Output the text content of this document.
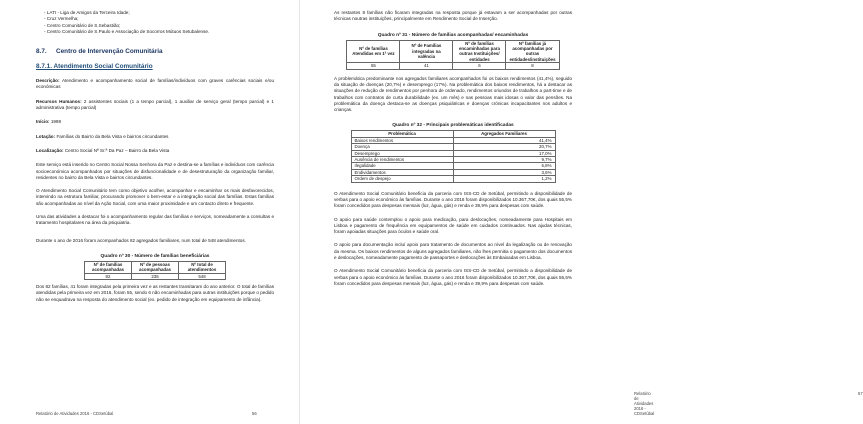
- LATI - Liga de Amigos da Terceira Idade;
- Cruz Vermelha;
- Centro Comunitário de S.Sebastião;
- Centro Comunitário de S.Paulo e Associação de Socorros Mútuos Setubalense.
8.7. Centro de Intervenção Comunitária
8.7.1. Atendimento Social Comunitário

Descrição: Atendimento e acompanhamento social de famílias/indivíduos com graves carências sociais e/ou económicas

Recursos Humanos: 2 assistentes sociais (1 a tempo parcial), 1 auxiliar de serviço geral (tempo parcial) e 1 administrativa (tempo parcial)

Início: 1998

Lotação: Famílias do Bairro da Bela Vista e bairros circundantes

Localização: Centro Social Nª Sr.ª Da Paz – Bairro da Bela Vista

Este serviço está inserido no Centro Social Nossa Senhora da Paz e destina-se a famílias e indivíduos com carência socioeconómica acompanhados por situações de disfuncionalidade e de desestruturação da organização familiar, residentes no bairro da Bela Vista e bairros circundantes.

O Atendimento Social Comunitário tem como objetivo acolher, acompanhar e encaminhar os mais desfavorecidos, intervindo na estrutura familiar, procurando promover o bem-estar e a integração social das famílias. Estas famílias são acompanhadas ao nível da Ação Social, com uma maior proximidade e um contacto direto e frequente.

Uma das atividades a destacar foi o acompanhamento regular das famílias e serviços, nomeadamente a consultas e tratamento hospitalares na área da psiquiatria.

Durante o ano de 2016 foram acompanhados 82 agregados familiares, num total de 548 atendimentos.

Quadro nº 30 - Número de famílias beneficiárias
Nº de famílias acompanhadas	Nº de pessoas acompanhadas	Nº total de atendimentos
82	235	548

Dos 82 famílias, 41 foram integradas pela primeira vez e as restantes transitaram do ano anterior. O total de famílias atendidas pela primeira vez em 2016, foram 55, sendo 6 não encaminhadas para outras instituições porque o pedido não se enquadrava na resposta do atendimento social (ex. pedido de integração em equipamento de infância).

Relatório de Atividades 2016 - CDSetúbal	56

As restantes 8 famílias não ficaram integradas na resposta porque já estavam a ser acompanhadas por outras técnicas noutras instituições, principalmente em Rendimento Social de Inserção.

Quadro nº 31 - Número de famílias acompanhadas/ encaminhadas
Nº de famílias Atendidas em 1ª vez	Nº de Famílias integradas na valência	Nº de famílias encaminhadas para outras Instituições/ entidades	Nº famílias já acompanhadas por outras entidades/instituições
55	41	6	8

A problemática predominante nos agregados familiares acompanhados foi os baixos rendimentos (41,4%), seguido da situação de doenças (20,7%) e desemprego (17%). Na problemática dos baixos rendimentos, há a destacar as situações de redução de rendimentos por penhora de ordenado, rendimentos oriundos de trabalhos a part-time e de trabalhos com contratos de curta durabilidade (ex. um mês) e nas pessoas mais idosas o valor das pensões. Na problemática da doença destaca-se as doenças psiquiátricas e doenças crónicas incapacitantes nos adultos e crianças.

Quadro nº 32 - Principais problemáticas identificadas
Problemática	Agregados Familiares
Baixos rendimentos	41,4%
Doença	20,7%
Desemprego	17,0%
Ausência de rendimentos	9,7%
Ilegalidade	5,8%
Endividamentos	3,6%
Ordem de despejo	1,2%

O Atendimento Social Comunitário beneficia da parceria com ISS-CD de Setúbal, permitindo a disponibilidade de verbas para o apoio económico às famílias. Durante o ano 2016 foram disponibilizados 10.367,70€, dos quais 55,5% foram concedidos para despesas mensais (luz, água, gás) e renda e 39,9% para despesas com saúde.

O apoio para saúde contemplou o apoio para medicação, para deslocações, nomeadamente para Hospitais em Lisboa e pagamento de frequência em equipamentos de saúde em cuidados continuados. Nas ajudas técnicas, foram apoiadas situações para óculos e saúde oral.

O apoio para documentação incluí apoio para tratamento de documentos ao nível da legalização ou de renovação da mesma. Os baixos rendimentos de alguns agregados familiares, não lhes permitia o pagamento dos documentos e deslocações, nomeadamente pagamento de passaportes e deslocações às Embaixadas em Lisboa.

O Atendimento Social Comunitário beneficia da parceria com ISS-CD de Setúbal, permitindo a disponibilidade de verbas para o apoio económico às famílias. Durante o ano 2016 foram disponibilizados 10.367,70€, dos quais 55,5% foram concedidos para despesas mensais (luz, água, gás) e renda e 39,9% para despesas com saúde.

Relatório de Atividades 2016 - CDSetúbal
57
